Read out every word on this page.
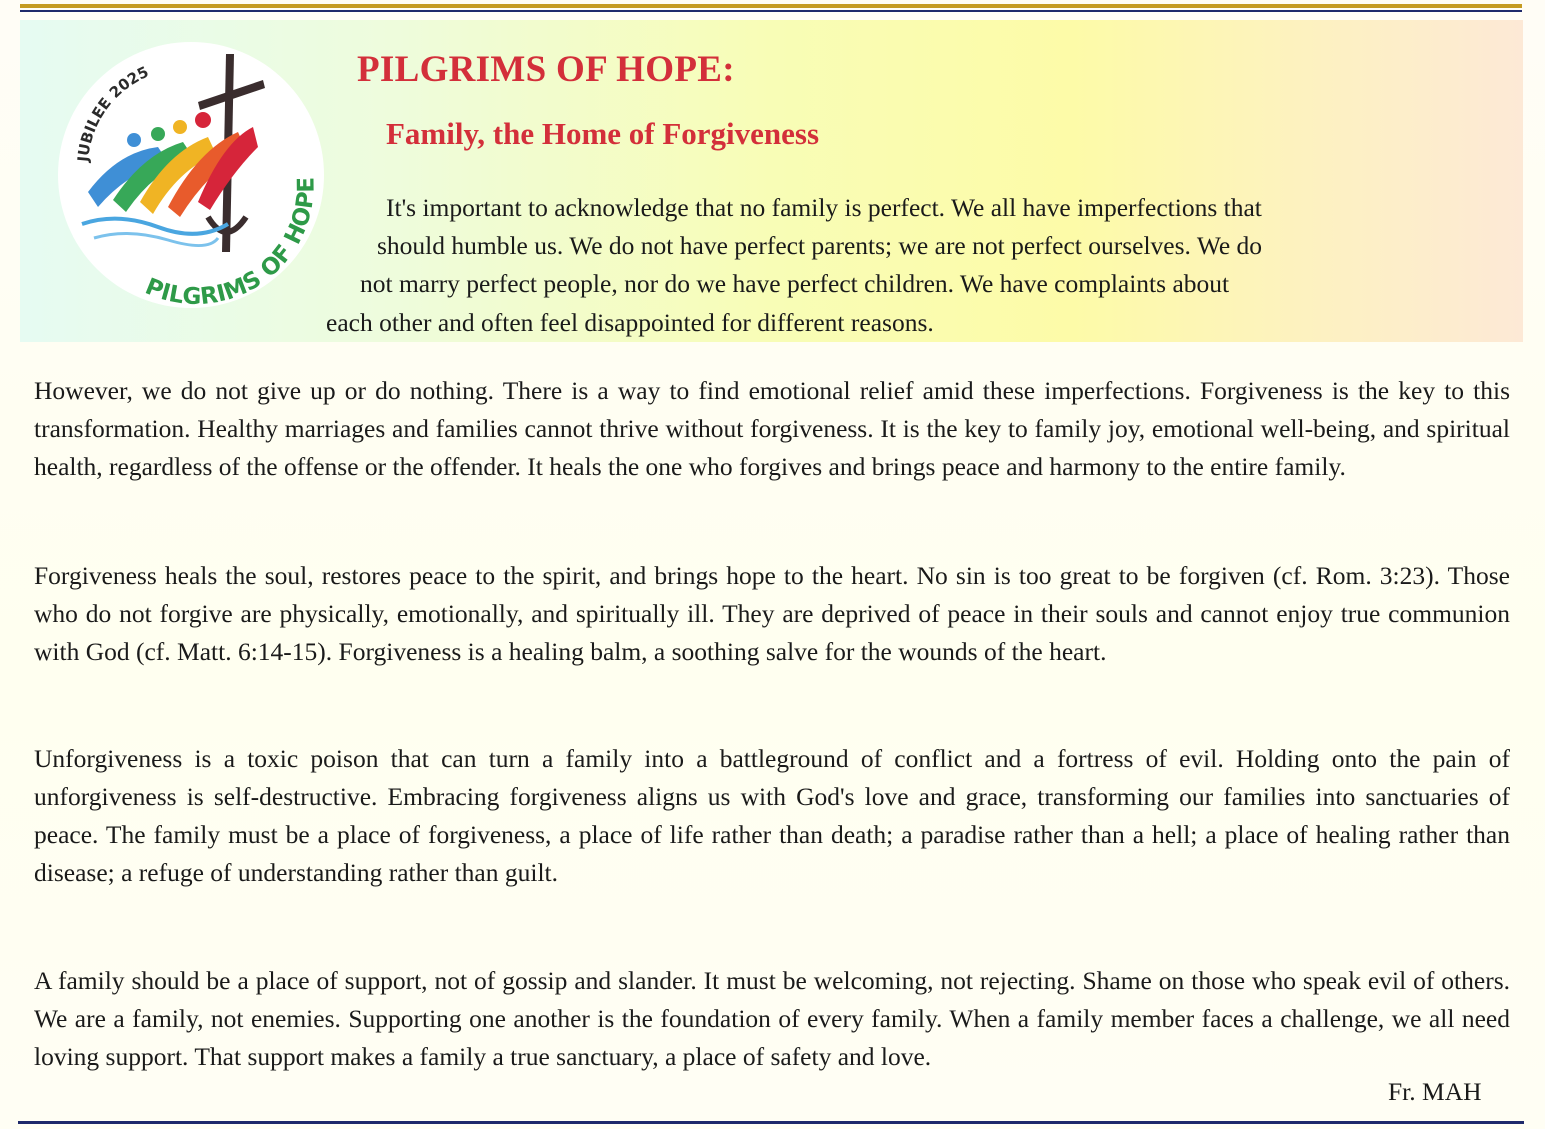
JUBILEE 2025
PILGRIMS OF HOPE
PILGRIMS OF HOPE:
Family, the Home of Forgiveness
It's important to acknowledge that no family is perfect. We all have imperfections that
should humble us. We do not have perfect parents; we are not perfect ourselves. We do
not marry perfect people, nor do we have perfect children. We have complaints about
each other and often feel disappointed for different reasons.
However, we do not give up or do nothing. There is a way to find emotional relief amid these imperfections. Forgiveness is the key to this transformation. Healthy marriages and families cannot thrive without forgiveness. It is the key to family joy, emotional well-being, and spiritual health, regardless of the offense or the offender. It heals the one who forgives and brings peace and harmony to the entire family.
Forgiveness heals the soul, restores peace to the spirit, and brings hope to the heart. No sin is too great to be forgiven (cf. Rom. 3:23). Those who do not forgive are physically, emotionally, and spiritually ill. They are deprived of peace in their souls and cannot enjoy true communion with God (cf. Matt. 6:14-15). Forgiveness is a healing balm, a soothing salve for the wounds of the heart.
Unforgiveness is a toxic poison that can turn a family into a battleground of conflict and a fortress of evil. Holding onto the pain of unforgiveness is self-destructive. Embracing forgiveness aligns us with God's love and grace, transforming our families into sanctuaries of peace. The family must be a place of forgiveness, a place of life rather than death; a paradise rather than a hell; a place of healing rather than disease; a refuge of understanding rather than guilt.
A family should be a place of support, not of gossip and slander. It must be welcoming, not rejecting. Shame on those who speak evil of others. We are a family, not enemies. Supporting one another is the foundation of every family. When a family member faces a challenge, we all need loving support. That support makes a family a true sanctuary, a place of safety and love.
Fr. MAH
